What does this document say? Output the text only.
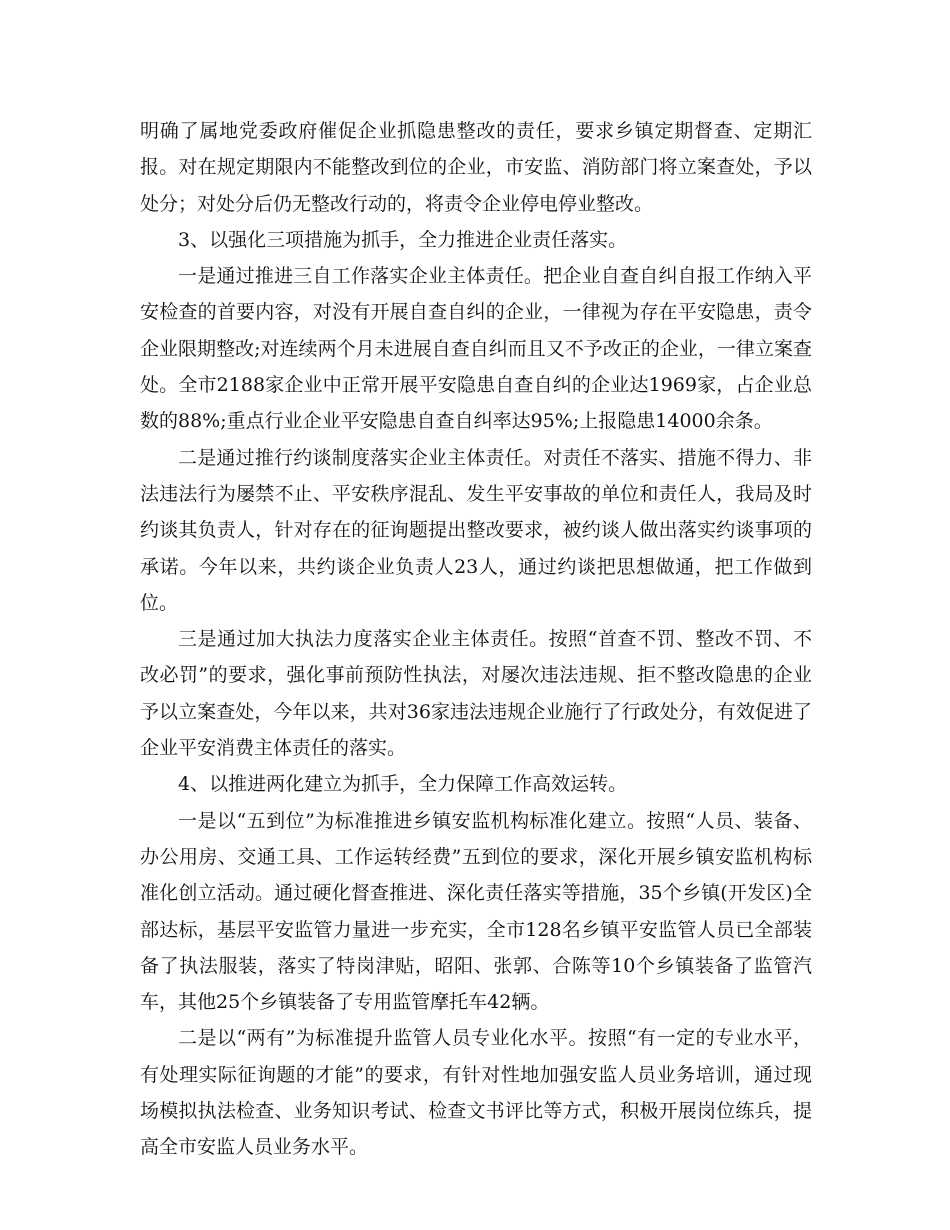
明确了属地党委政府催促企业抓隐患整改的责任，要求乡镇定期督查、定期汇报。对在规定期限内不能整改到位的企业，市安监、消防部门将立案查处，予以处分；对处分后仍无整改行动的，将责令企业停电停业整改。

3、以强化三项措施为抓手，全力推进企业责任落实。

一是通过推进三自工作落实企业主体责任。把企业自查自纠自报工作纳入平安检查的首要内容，对没有开展自查自纠的企业，一律视为存在平安隐患，责令企业限期整改;对连续两个月未进展自查自纠而且又不予改正的企业，一律立案查处。全市2188家企业中正常开展平安隐患自查自纠的企业达1969家，占企业总数的88%;重点行业企业平安隐患自查自纠率达95%;上报隐患14000余条。

二是通过推行约谈制度落实企业主体责任。对责任不落实、措施不得力、非法违法行为屡禁不止、平安秩序混乱、发生平安事故的单位和责任人，我局及时约谈其负责人，针对存在的征询题提出整改要求，被约谈人做出落实约谈事项的承诺。今年以来，共约谈企业负责人23人，通过约谈把思想做通，把工作做到位。

三是通过加大执法力度落实企业主体责任。按照“首查不罚、整改不罚、不改必罚”的要求，强化事前预防性执法，对屡次违法违规、拒不整改隐患的企业予以立案查处，今年以来，共对36家违法违规企业施行了行政处分，有效促进了企业平安消费主体责任的落实。

4、以推进两化建立为抓手，全力保障工作高效运转。

一是以“五到位”为标准推进乡镇安监机构标准化建立。按照“人员、装备、办公用房、交通工具、工作运转经费”五到位的要求，深化开展乡镇安监机构标准化创立活动。通过硬化督查推进、深化责任落实等措施，35个乡镇(开发区)全部达标，基层平安监管力量进一步充实，全市128名乡镇平安监管人员已全部装备了执法服装，落实了特岗津贴，昭阳、张郭、合陈等10个乡镇装备了监管汽车，其他25个乡镇装备了专用监管摩托车42辆。

二是以“两有”为标准提升监管人员专业化水平。按照“有一定的专业水平，有处理实际征询题的才能”的要求，有针对性地加强安监人员业务培训，通过现场模拟执法检查、业务知识考试、检查文书评比等方式，积极开展岗位练兵，提高全市安监人员业务水平。
